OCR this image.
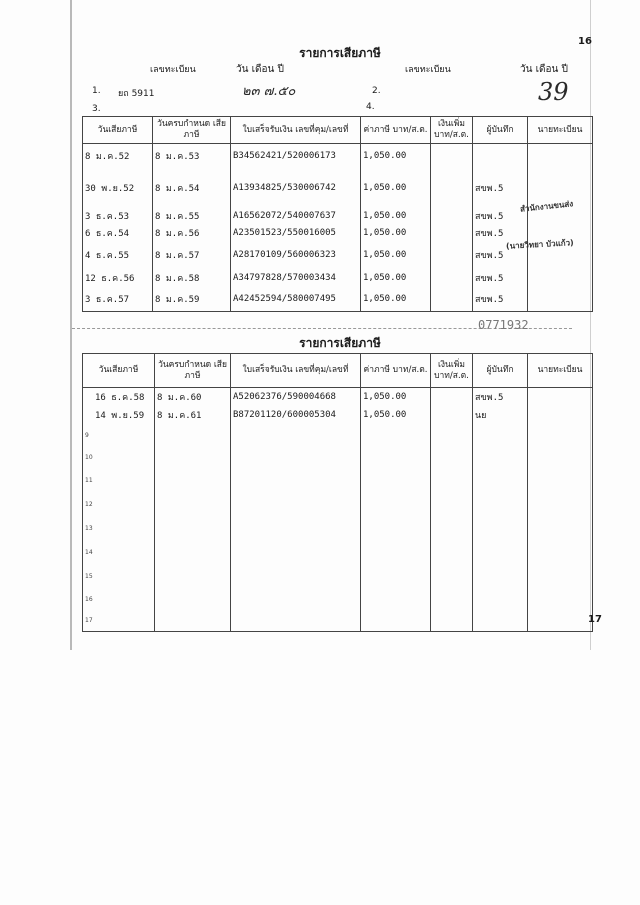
16
รายการเสียภาษี
เลขทะเบียน	วัน เดือน ปี	เลขทะเบียน	วัน เดือน ปี
1. ยถ 5911	๒๓ ๗.๕๐	2.	39
3.	4.
วันเสียภาษี	วันครบกำหนด เสียภาษี	ใบเสร็จรับเงิน เลขที่คุม/เลขที่	ค่าภาษี บาท/ส.ต.	เงินเพิ่ม บาท/ส.ต.	ผู้บันทึก	นายทะเบียน
8 ม.ค.52	8 ม.ค.53	B34562421/520006173	1,050.00			
30 พ.ย.52	8 ม.ค.54	A13934825/530006742	1,050.00		สขพ.5	
3 ธ.ค.53	8 ม.ค.55	A16562072/540007637	1,050.00		สขพ.5	
6 ธ.ค.54	8 ม.ค.56	A23501523/550016005	1,050.00		สขพ.5	
4 ธ.ค.55	8 ม.ค.57	A28170109/560006323	1,050.00		สขพ.5	
12 ธ.ค.56	8 ม.ค.58	A34797828/570003434	1,050.00		สขพ.5	
3 ธ.ค.57	8 ม.ค.59	A42452594/580007495	1,050.00		สขพ.5	
สำนักงานขนส่ง
(นายวิทยา บัวแก้ว)
0771932
รายการเสียภาษี
วันเสียภาษี	วันครบกำหนด เสียภาษี	ใบเสร็จรับเงิน เลขที่คุม/เลขที่	ค่าภาษี บาท/ส.ต.	เงินเพิ่ม บาท/ส.ต.	ผู้บันทึก	นายทะเบียน
16 ธ.ค.58	8 ม.ค.60	A52062376/590004668	1,050.00		สขพ.5	
14 พ.ย.59	8 ม.ค.61	B87201120/600005304	1,050.00		นย	
9						
10						
11						
12						
13						
14						
15						
16						
17							17
